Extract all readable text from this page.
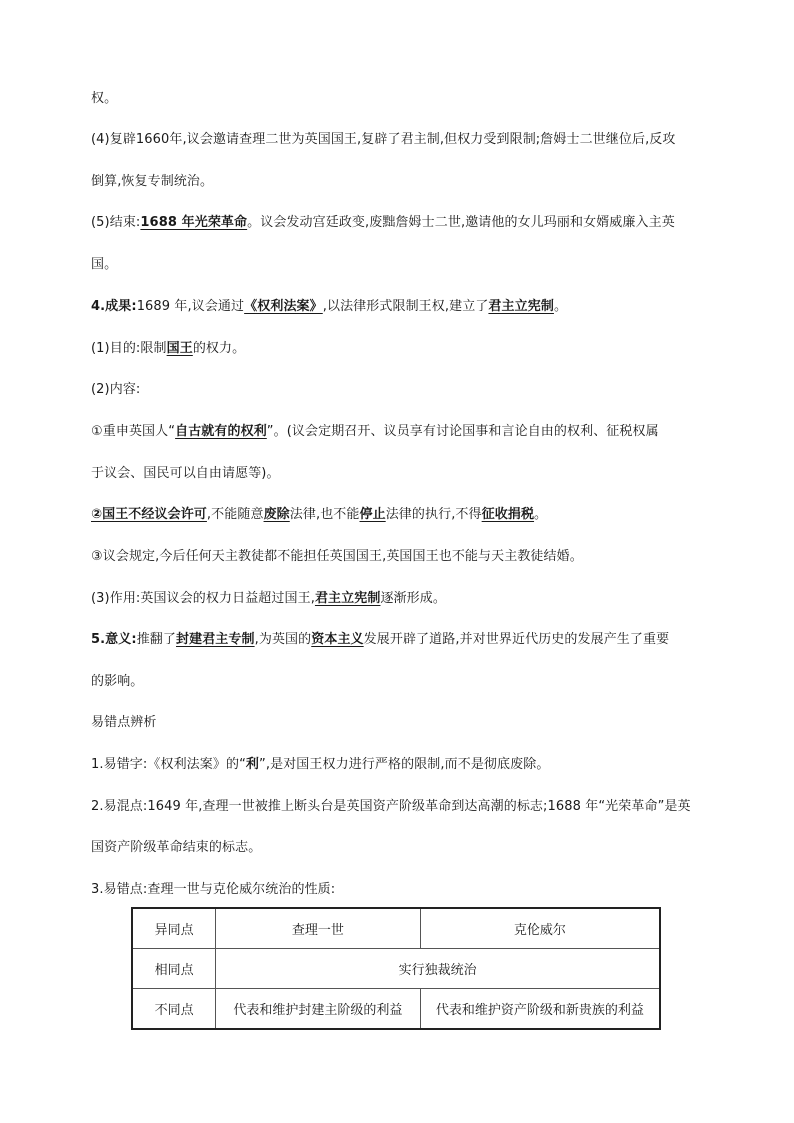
权。
(4)复辟1660年,议会邀请查理二世为英国国王,复辟了君主制,但权力受到限制;詹姆士二世继位后,反攻
倒算,恢复专制统治。
(5)结束:1688 年光荣革命。议会发动宫廷政变,废黜詹姆士二世,邀请他的女儿玛丽和女婿威廉入主英
国。
4.成果:1689 年,议会通过《权利法案》,以法律形式限制王权,建立了君主立宪制。
(1)目的:限制国王的权力。
(2)内容:
①重申英国人“自古就有的权利”。(议会定期召开、议员享有讨论国事和言论自由的权利、征税权属
于议会、国民可以自由请愿等)。
②国王不经议会许可,不能随意废除法律,也不能停止法律的执行,不得征收捐税。
③议会规定,今后任何天主教徒都不能担任英国国王,英国国王也不能与天主教徒结婚。
(3)作用:英国议会的权力日益超过国王,君主立宪制逐渐形成。
5.意义:推翻了封建君主专制,为英国的资本主义发展开辟了道路,并对世界近代历史的发展产生了重要
的影响。
易错点辨析
1.易错字:《权利法案》的“利”,是对国王权力进行严格的限制,而不是彻底废除。
2.易混点:1649 年,查理一世被推上断头台是英国资产阶级革命到达高潮的标志;1688 年“光荣革命”是英
国资产阶级革命结束的标志。
3.易错点:查理一世与克伦威尔统治的性质:
异同点	查理一世	克伦威尔
相同点	实行独裁统治	
不同点	代表和维护封建主阶级的利益	代表和维护资产阶级和新贵族的利益
